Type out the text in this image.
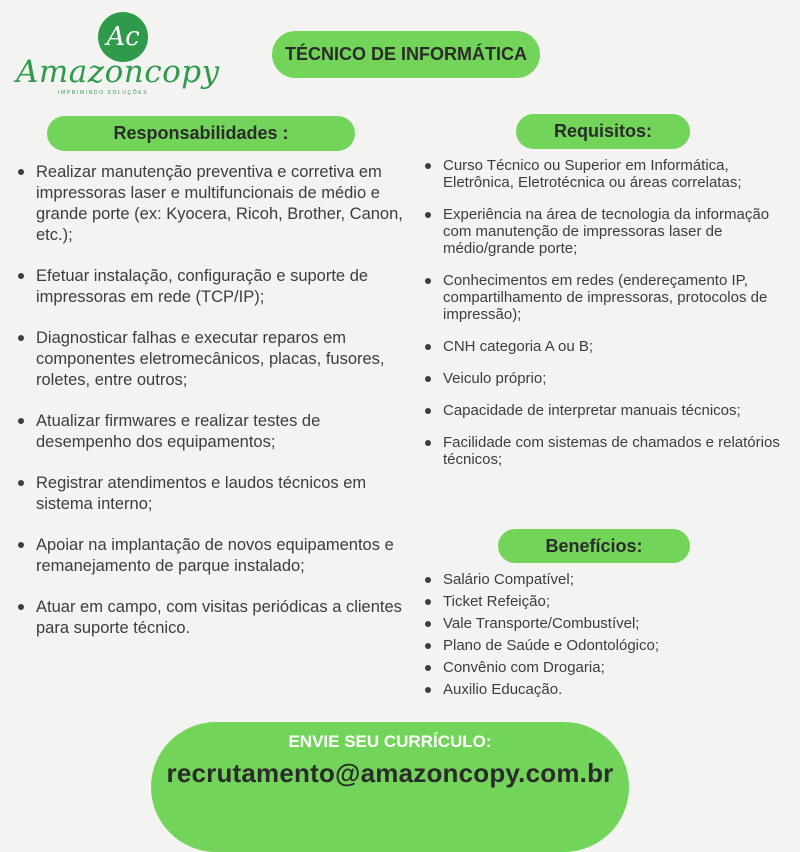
Ac
Amazoncopy
IMPRIMINDO SOLUÇÕES
TÉCNICO DE INFORMÁTICA
Responsabilidades :
Realizar manutenção preventiva e corretiva em impressoras laser e multifuncionais de médio e grande porte (ex: Kyocera, Ricoh, Brother, Canon, etc.);
Efetuar instalação, configuração e suporte de impressoras em rede (TCP/IP);
Diagnosticar falhas e executar reparos em componentes eletromecânicos, placas, fusores, roletes, entre outros;
Atualizar firmwares e realizar testes de desempenho dos equipamentos;
Registrar atendimentos e laudos técnicos em sistema interno;
Apoiar na implantação de novos equipamentos e remanejamento de parque instalado;
Atuar em campo, com visitas periódicas a clientes para suporte técnico.
Requisitos:
Curso Técnico ou Superior em Informática, Eletrônica, Eletrotécnica ou áreas correlatas;
Experiência na área de tecnologia da informação com manutenção de impressoras laser de médio/grande porte;
Conhecimentos em redes (endereçamento IP, compartilhamento de impressoras, protocolos de impressão);
CNH categoria A ou B;
Veiculo próprio;
Capacidade de interpretar manuais técnicos;
Facilidade com sistemas de chamados e relatórios técnicos;
Benefícios:
Salário Compatível;
Ticket Refeição;
Vale Transporte/Combustível;
Plano de Saúde e Odontológico;
Convênio com Drogaria;
Auxilio Educação.
ENVIE SEU CURRÍCULO:
recrutamento@amazoncopy.com.br
